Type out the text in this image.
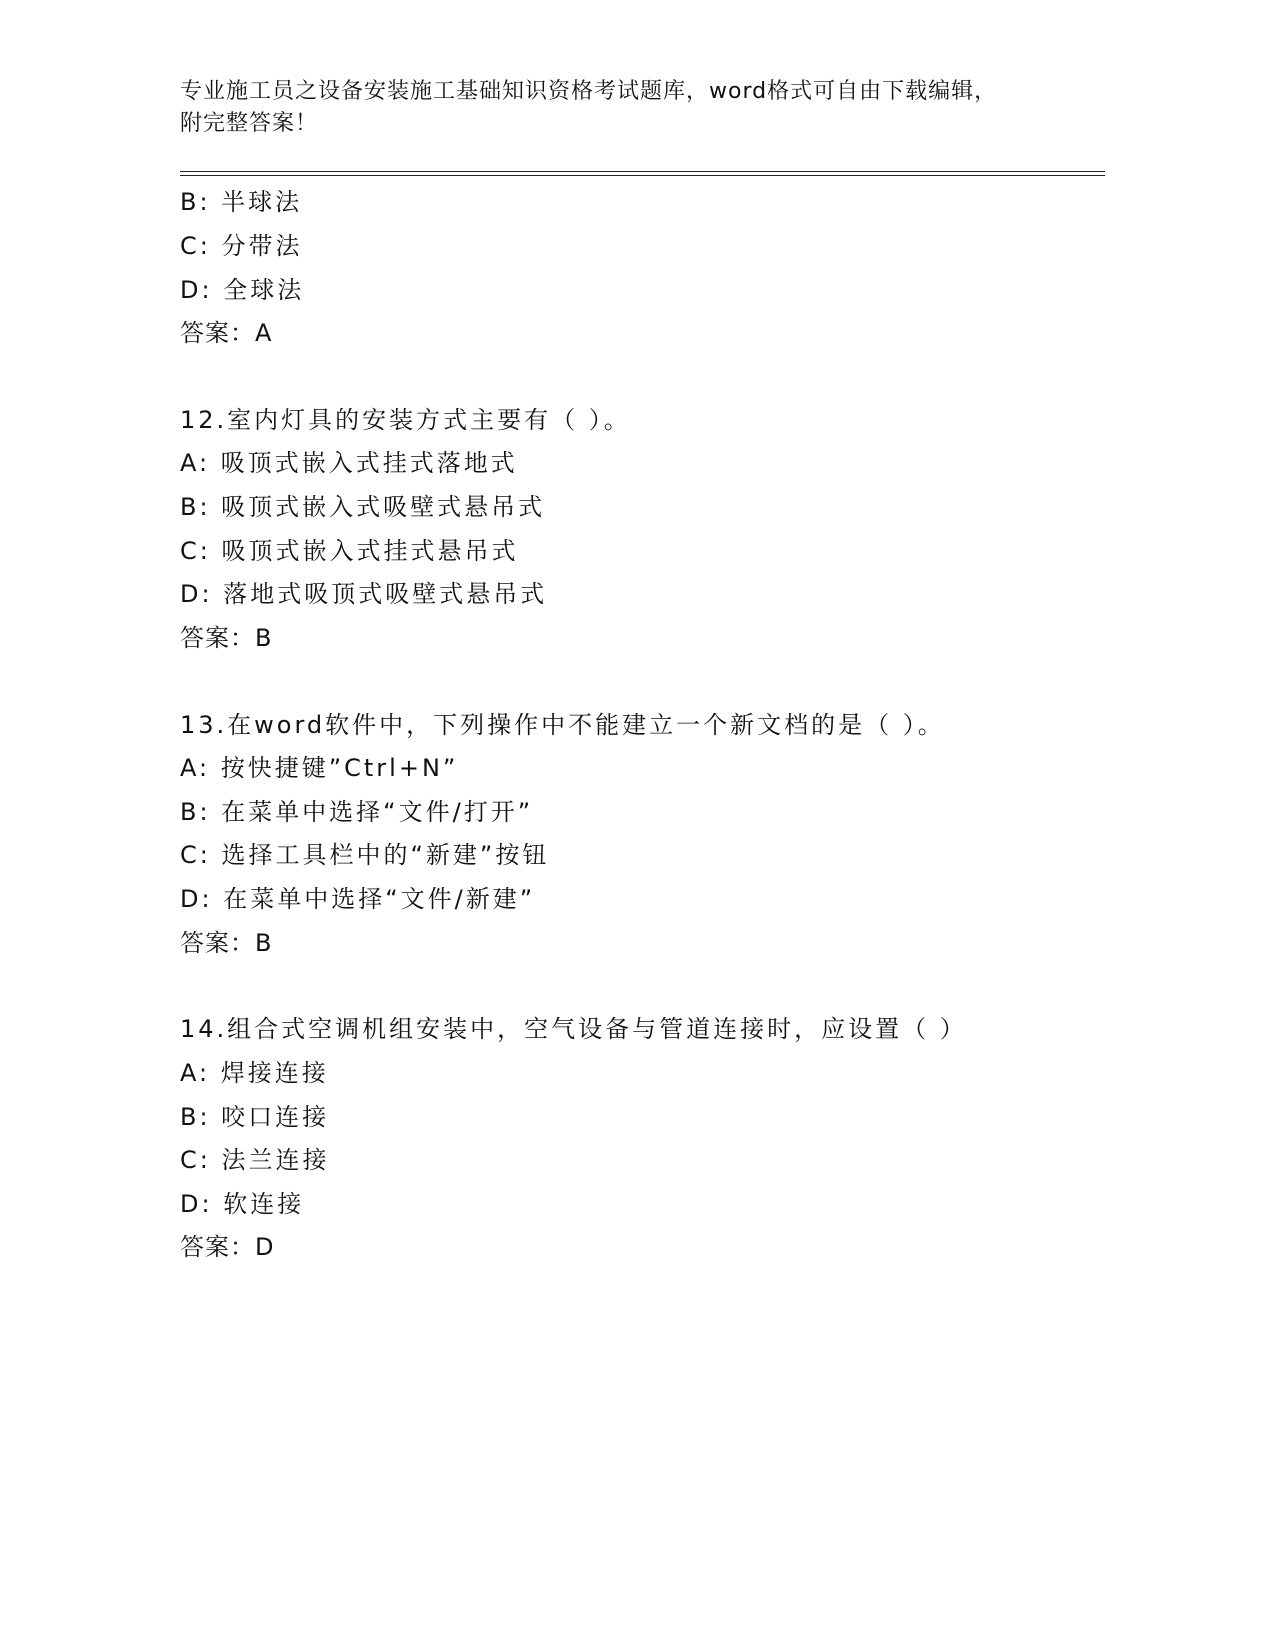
专业施工员之设备安装施工基础知识资格考试题库，word格式可自由下载编辑，
附完整答案！
B: 半球法
C: 分带法
D: 全球法
答案：A
12.室内灯具的安装方式主要有（ ）。
A: 吸顶式嵌入式挂式落地式
B: 吸顶式嵌入式吸壁式悬吊式
C: 吸顶式嵌入式挂式悬吊式
D: 落地式吸顶式吸壁式悬吊式
答案：B
13.在word软件中，下列操作中不能建立一个新文档的是（ ）。
A: 按快捷键”Ctrl+N”
B: 在菜单中选择“文件/打开”
C: 选择工具栏中的“新建”按钮
D: 在菜单中选择“文件/新建”
答案：B
14.组合式空调机组安装中，空气设备与管道连接时，应设置（ ）
A: 焊接连接
B: 咬口连接
C: 法兰连接
D: 软连接
答案：D
